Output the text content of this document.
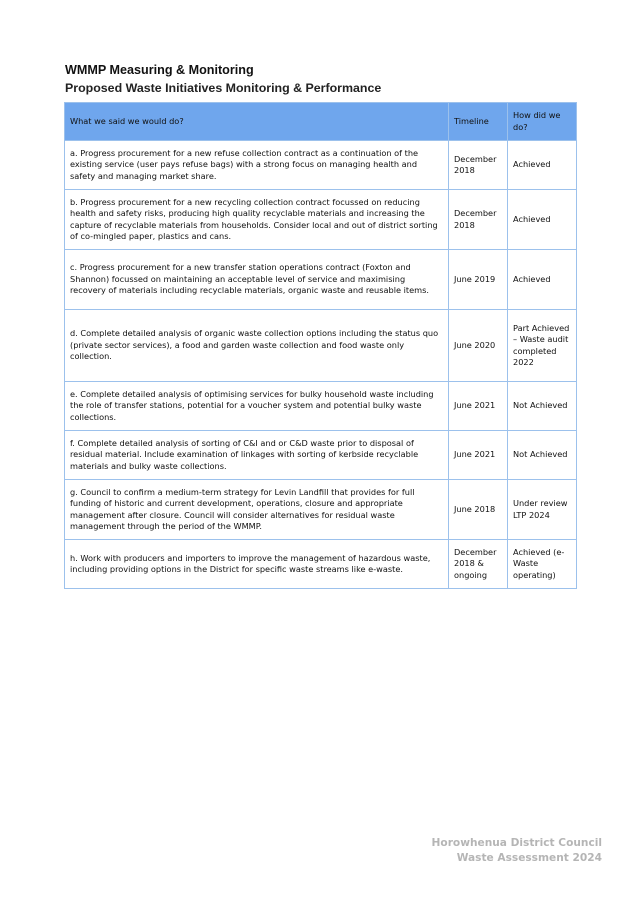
WMMP Measuring & Monitoring
Proposed Waste Initiatives Monitoring & Performance
What we said we would do?	Timeline	How did we do?
a. Progress procurement for a new refuse collection contract as a continuation of the existing service (user pays refuse bags) with a strong focus on managing health and safety and managing market share.	December 2018	Achieved
b. Progress procurement for a new recycling collection contract focussed on reducing health and safety risks, producing high quality recyclable materials and increasing the capture of recyclable materials from households. Consider local and out of district sorting of co-mingled paper, plastics and cans.	December 2018	Achieved
c. Progress procurement for a new transfer station operations contract (Foxton and Shannon) focussed on maintaining an acceptable level of service and maximising recovery of materials including recyclable materials, organic waste and reusable items.	June 2019	Achieved
d. Complete detailed analysis of organic waste collection options including the status quo (private sector services), a food and garden waste collection and food waste only collection.	June 2020	Part Achieved – Waste audit completed 2022
e. Complete detailed analysis of optimising services for bulky household waste including the role of transfer stations, potential for a voucher system and potential bulky waste collections.	June 2021	Not Achieved
f. Complete detailed analysis of sorting of C&I and or C&D waste prior to disposal of residual material. Include examination of linkages with sorting of kerbside recyclable materials and bulky waste collections.	June 2021	Not Achieved
g. Council to confirm a medium-term strategy for Levin Landfill that provides for full funding of historic and current development, operations, closure and appropriate management after closure. Council will consider alternatives for residual waste management through the period of the WMMP.	June 2018	Under review LTP 2024
h. Work with producers and importers to improve the management of hazardous waste, including providing options in the District for specific waste streams like e-waste.	December 2018 & ongoing	Achieved (e-Waste operating)
Horowhenua District Council
Waste Assessment 2024
